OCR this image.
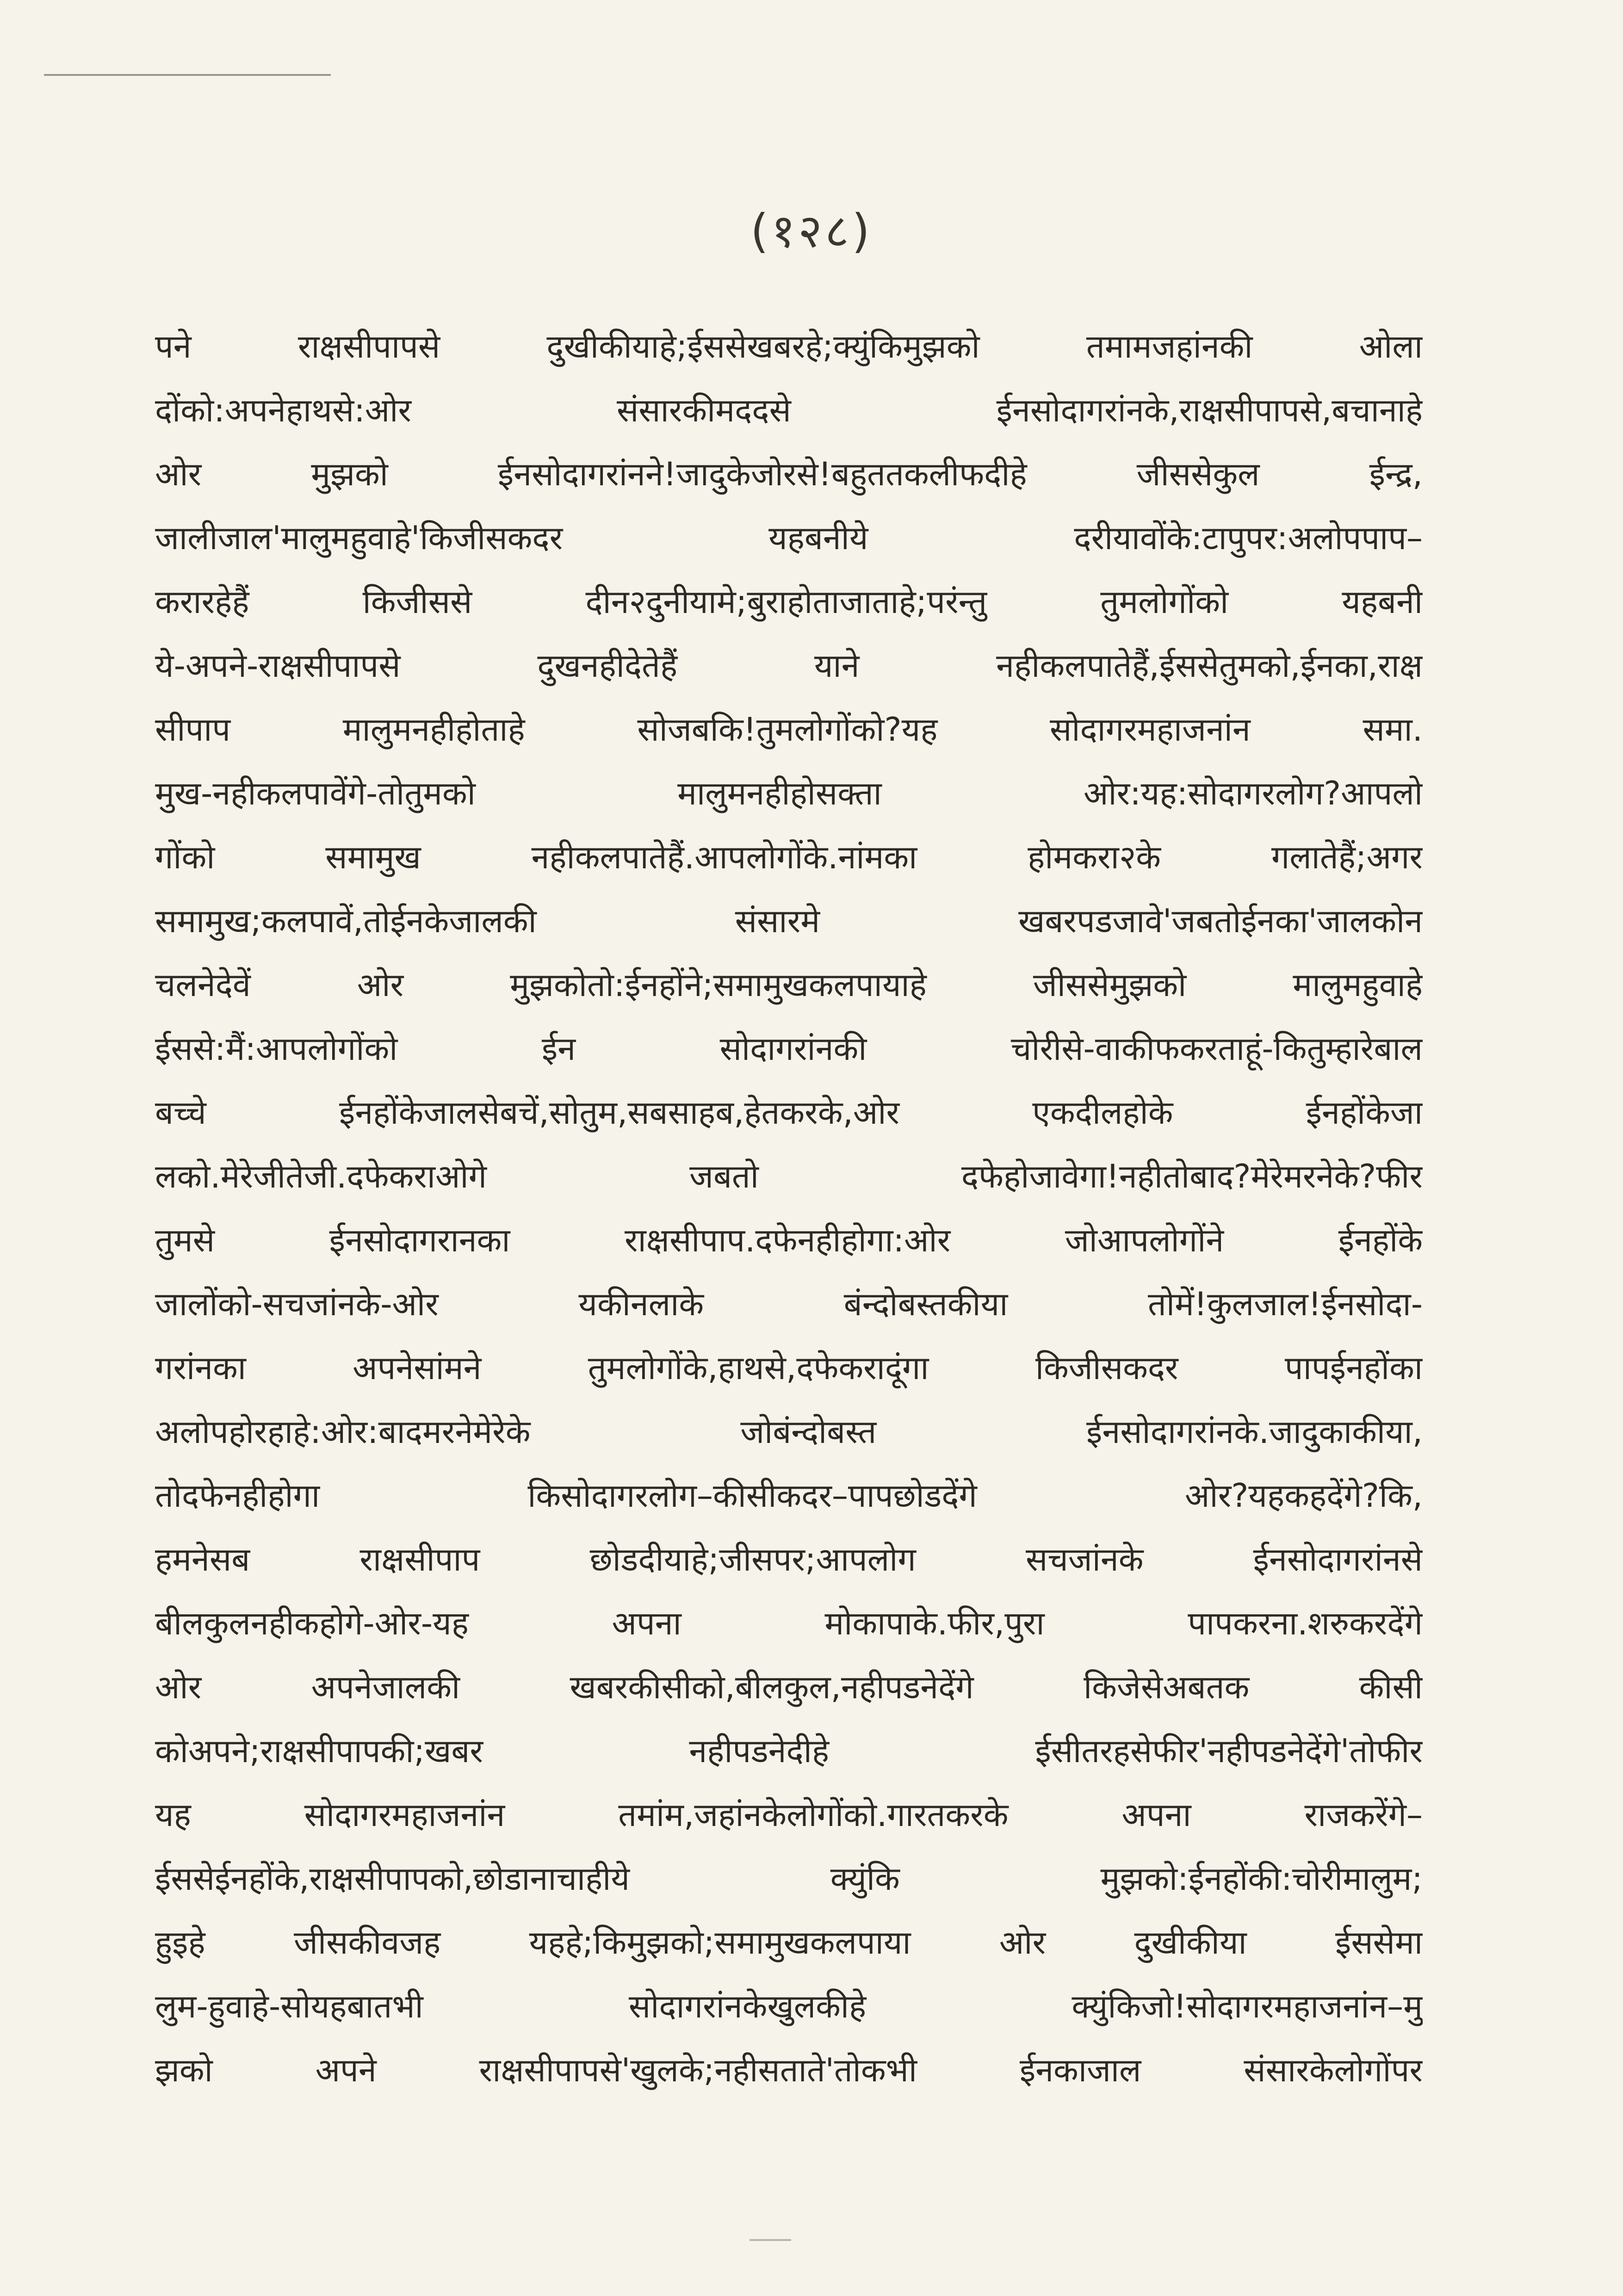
(१२८)
पने राक्षसीपापसे दुखीकीयाहे;ईससेखबरहे;क्युंकिमुझको तमामजहांनकी ओला
दोंको:अपनेहाथसे:ओर संसारकीमददसे ईनसोदागरांनके,राक्षसीपापसे,बचानाहे
ओर मुझको ईनसोदागरांनने!जादुकेजोरसे!बहुततकलीफदीहे जीससेकुल ईन्द्र,
जालीजाल'मालुमहुवाहे'किजीसकदर यहबनीये दरीयावोंके:टापुपर:अलोपपाप–
करारहेहैं किजीससे दीन२दुनीयामे;बुराहोताजाताहे;परंन्तु तुमलोगोंको यहबनी
ये-अपने-राक्षसीपापसे दुखनहीदेतेहैं याने नहीकलपातेहैं,ईससेतुमको,ईनका,राक्ष
सीपाप मालुमनहीहोताहे सोजबकि!तुमलोगोंको?यह सोदागरमहाजनांन समा.
मुख-नहीकलपावेंगे-तोतुमको मालुमनहीहोसक्ता ओर:यह:सोदागरलोग?आपलो
गोंको समामुख नहीकलपातेहैं.आपलोगोंके.नांमका होमकरा२के गलातेहैं;अगर
समामुख;कलपावें,तोईनकेजालकी संसारमे खबरपडजावे'जबतोईनका'जालकोन
चलनेदेवें ओर मुझकोतो:ईनहोंने;समामुखकलपायाहे जीससेमुझको मालुमहुवाहे
ईससे:मैं:आपलोगोंको ईन सोदागरांनकी चोरीसे-वाकीफकरताहूं-कितुम्हारेबाल
बच्चे ईनहोंकेजालसेबचें,सोतुम,सबसाहब,हेतकरके,ओर एकदीलहोके ईनहोंकेजा
लको.मेरेजीतेजी.दफेकराओगे जबतो दफेहोजावेगा!नहीतोबाद?मेरेमरनेके?फीर
तुमसे ईनसोदागरानका राक्षसीपाप.दफेनहीहोगा:ओर जोआपलोगोंने ईनहोंके
जालोंको-सचजांनके-ओर यकीनलाके बंन्दोबस्तकीया तोमें!कुलजाल!ईनसोदा-
गरांनका अपनेसांमने तुमलोगोंके,हाथसे,दफेकरादूंगा किजीसकदर पापईनहोंका
अलोपहोरहाहे:ओर:बादमरनेमेरेके जोबंन्दोबस्त ईनसोदागरांनके.जादुकाकीया,
तोदफेनहीहोगा किसोदागरलोग–कीसीकदर–पापछोडदेंगे ओर?यहकहदेंगे?कि,
हमनेसब राक्षसीपाप छोडदीयाहे;जीसपर;आपलोग सचजांनके ईनसोदागरांनसे
बीलकुलनहीकहोगे-ओर-यह अपना मोकापाके.फीर,पुरा पापकरना.शरुकरदेंगे
ओर अपनेजालकी खबरकीसीको,बीलकुल,नहीपडनेदेंगे किजेसेअबतक कीसी
कोअपने;राक्षसीपापकी;खबर नहीपडनेदीहे ईसीतरहसेफीर'नहीपडनेदेंगे'तोफीर
यह सोदागरमहाजनांन तमांम,जहांनकेलोगोंको.गारतकरके अपना राजकरेंगे–
ईससेईनहोंके,राक्षसीपापको,छोडानाचाहीये क्युंकि मुझको:ईनहोंकी:चोरीमालुम;
हुइहे जीसकीवजह यहहे;किमुझको;समामुखकलपाया ओर दुखीकीया ईससेमा
लुम-हुवाहे-सोयहबातभी सोदागरांनकेखुलकीहे क्युंकिजो!सोदागरमहाजनांन–मु
झको अपने राक्षसीपापसे'खुलके;नहीसताते'तोकभी ईनकाजाल संसारकेलोगोंपर
